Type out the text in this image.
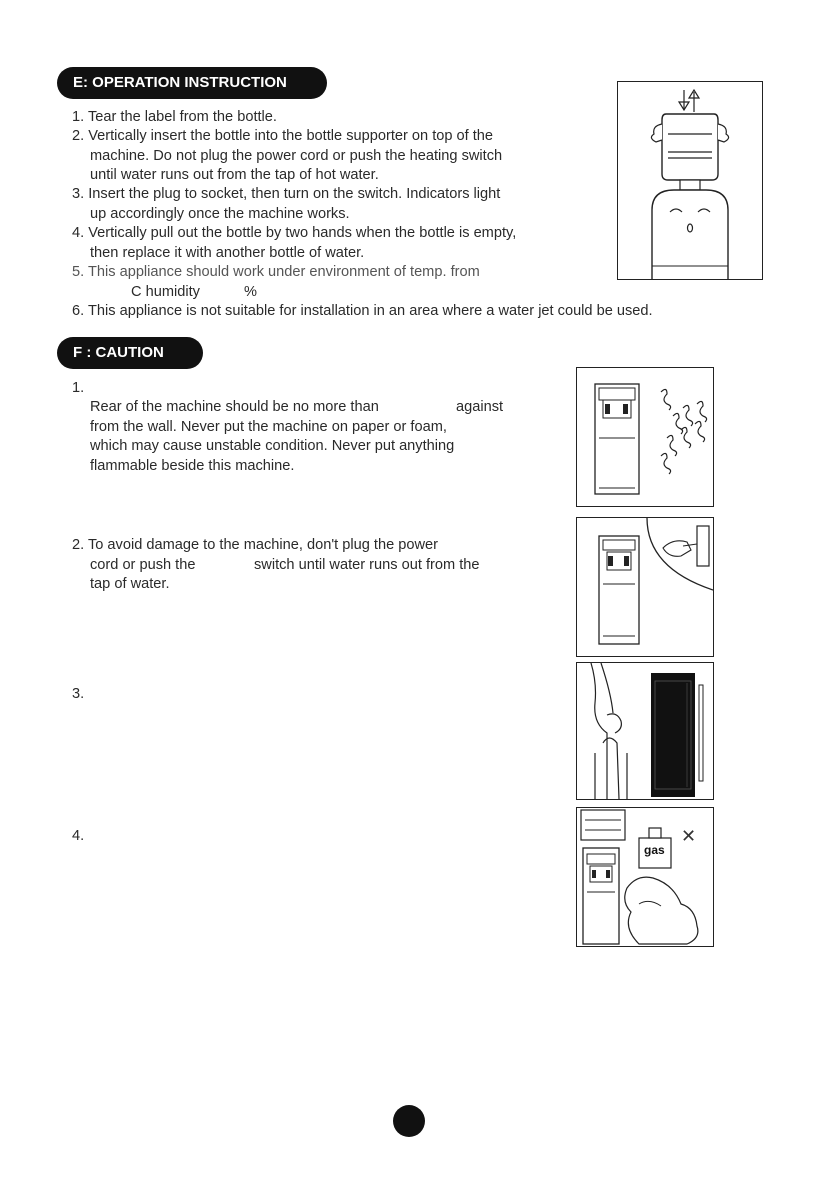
E: OPERATION INSTRUCTION
1. Tear the label from the bottle.
2. Vertically insert the bottle into the bottle supporter on top of the
machine. Do not plug the power cord or push the heating switch
until water runs out from the tap of hot water.
3. Insert the plug to socket, then turn on the switch. Indicators light
up accordingly once the machine works.
4. Vertically pull out the bottle by two hands when the bottle is empty,
then replace it with another bottle of water.
5. This appliance should work under environment of temp. from
C humidity	%
6. This appliance is not suitable for installation in an area where a water jet could be used.
F : CAUTION
1.
Rear of the machine should be no more than	against
from the wall. Never put the machine on paper or foam,
which may cause unstable condition. Never put anything
flammable beside this machine.
2. To avoid damage to the machine, don't plug the power
cord or push the	switch until water runs out from the
tap of water.
3.
4.
gas
✕
